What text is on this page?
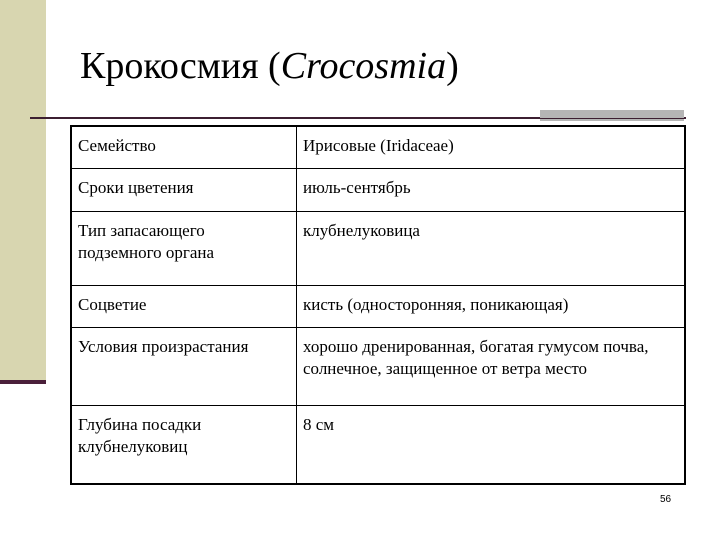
Крокосмия (Crocosmia)
Семейство	Ирисовые (Iridaceae)
Сроки цветения	июль-сентябрь
Тип запасающего подземного органа	клубнелуковица
Соцветие	кисть (односторонняя, поникающая)
Условия произрастания	хорошо дренированная, богатая гумусом почва, солнечное, защищенное от ветра место
Глубина посадки клубнелуковиц	8 см
56
